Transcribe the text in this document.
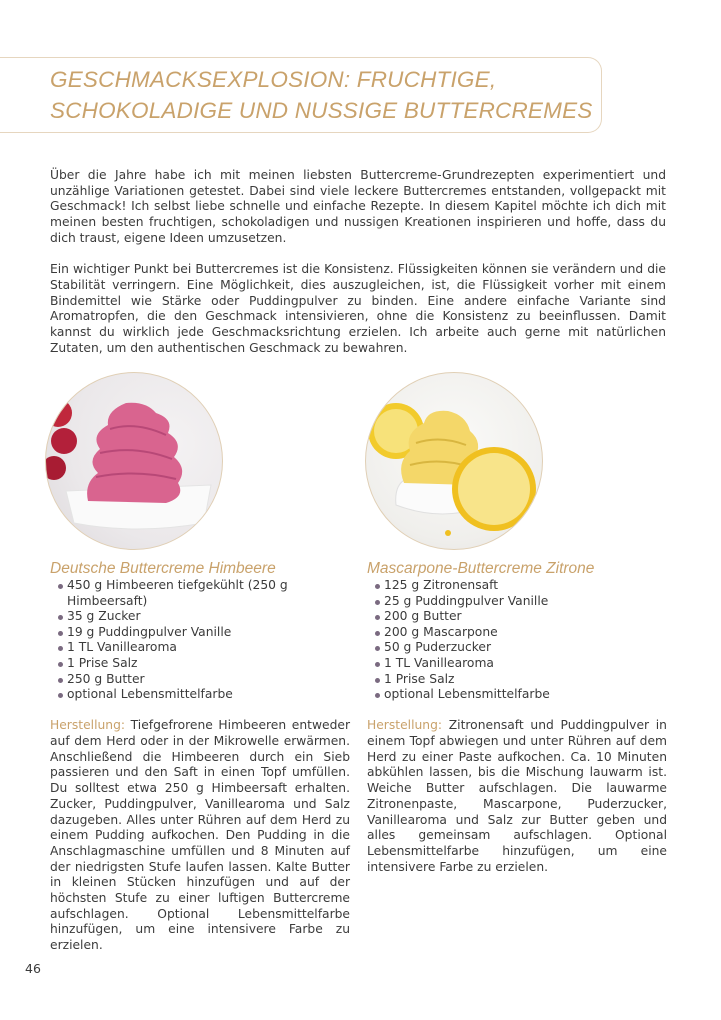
GESCHMACKSEXPLOSION: FRUCHTIGE,
SCHOKOLADIGE UND NUSSIGE BUTTERCREMES

Über die Jahre habe ich mit meinen liebsten Buttercreme-Grundrezepten experimentiert und unzählige Variationen getestet. Dabei sind viele leckere Buttercremes entstanden, vollgepackt mit Geschmack! Ich selbst liebe schnelle und einfache Rezepte. In diesem Kapitel möchte ich dich mit meinen besten fruchtigen, schokoladigen und nussigen Kreationen inspirieren und hoffe, dass du dich traust, eigene Ideen umzusetzen.

Ein wichtiger Punkt bei Buttercremes ist die Konsistenz. Flüssigkeiten können sie verändern und die Stabilität verringern. Eine Möglichkeit, dies auszugleichen, ist, die Flüssigkeit vorher mit einem Bindemittel wie Stärke oder Puddingpulver zu binden. Eine andere einfache Variante sind Aromatropfen, die den Geschmack intensivieren, ohne die Konsistenz zu beeinflussen. Damit kannst du wirklich jede Geschmacksrichtung erzielen. Ich arbeite auch gerne mit natürlichen Zutaten, um den authentischen Geschmack zu bewahren.

Deutsche Buttercreme Himbeere
450 g Himbeeren tiefgekühlt (250 g Himbeersaft)
35 g Zucker
19 g Puddingpulver Vanille
1 TL Vanillearoma
1 Prise Salz
250 g Butter
optional Lebensmittelfarbe
Herstellung: Tiefgefrorene Himbeeren entweder auf dem Herd oder in der Mikrowelle erwärmen. Anschließend die Himbeeren durch ein Sieb passieren und den Saft in einen Topf umfüllen. Du solltest etwa 250 g Himbeersaft erhalten. Zucker, Puddingpulver, Vanillearoma und Salz dazugeben. Alles unter Rühren auf dem Herd zu einem Pudding aufkochen. Den Pudding in die Anschlagmaschine umfüllen und 8 Minuten auf der niedrigsten Stufe laufen lassen. Kalte Butter in kleinen Stücken hinzufügen und auf der höchsten Stufe zu einer luftigen Buttercreme aufschlagen. Optional Lebensmittelfarbe hinzufügen, um eine intensivere Farbe zu erzielen.
Mascarpone-Buttercreme Zitrone
125 g Zitronensaft
25 g Puddingpulver Vanille
200 g Butter
200 g Mascarpone
50 g Puderzucker
1 TL Vanillearoma
1 Prise Salz
optional Lebensmittelfarbe
Herstellung: Zitronensaft und Puddingpulver in einem Topf abwiegen und unter Rühren auf dem Herd zu einer Paste aufkochen. Ca. 10 Minuten abkühlen lassen, bis die Mischung lauwarm ist. Weiche Butter aufschlagen. Die lauwarme Zitronenpaste, Mascarpone, Puderzucker, Vanillearoma und Salz zur Butter geben und alles gemeinsam aufschlagen. Optional Lebensmittelfarbe hinzufügen, um eine intensivere Farbe zu erzielen.
46
